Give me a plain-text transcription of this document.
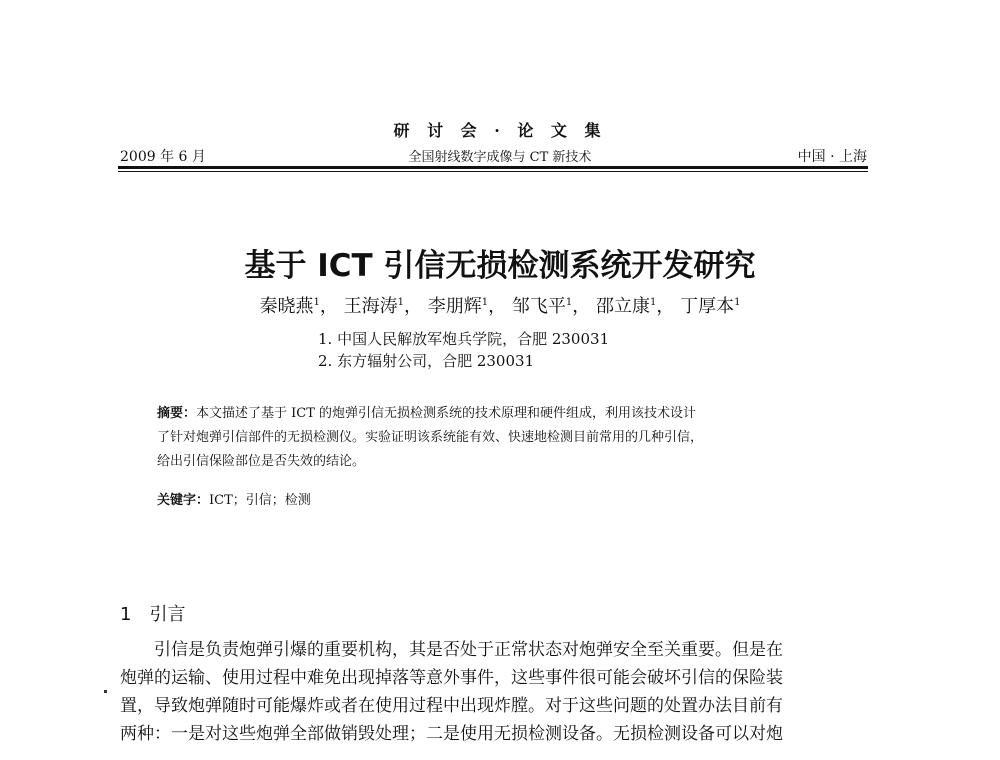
研 讨 会 · 论 文 集
2009 年 6 月	全国射线数字成像与 CT 新技术	中国 · 上海
基于 ICT 引信无损检测系统开发研究
秦晓燕$^1$， 王海涛$^1$， 李朋辉$^1$， 邹飞平$^1$， 邵立康$^1$， 丁厚本$^1$
1. 中国人民解放军炮兵学院，合肥 230031
2. 东方辐射公司，合肥 230031
摘要：本文描述了基于 ICT 的炮弹引信无损检测系统的技术原理和硬件组成，利用该技术设计
了针对炮弹引信部件的无损检测仪。实验证明该系统能有效、快速地检测目前常用的几种引信，
给出引信保险部位是否失效的结论。
关键字：ICT；引信；检测
1 引言
　　引信是负责炮弹引爆的重要机构，其是否处于正常状态对炮弹安全至关重要。但是在
炮弹的运输、使用过程中难免出现掉落等意外事件，这些事件很可能会破坏引信的保险装
置，导致炮弹随时可能爆炸或者在使用过程中出现炸膛。对于这些问题的处置办法目前有
两种：一是对这些炮弹全部做销毁处理；二是使用无损检测设备。无损检测设备可以对炮
